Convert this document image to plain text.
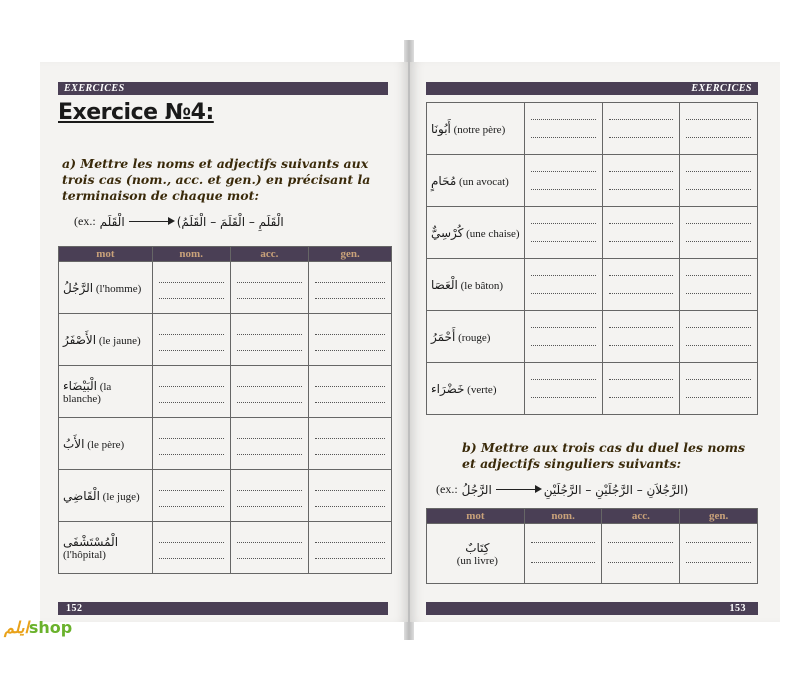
EXERCICES
Exercice №4:
a) Mettre les noms et adjectifs suivants aux trois cas (nom., acc. et gen.) en précisant la terminaison de chaque mot:
(ex.: الْقَلَم	(الْقَلَمِ – الْقَلَمَ – الْقَلَمُ
mot	nom.	acc.	gen.
الرَّجُلُ (l'homme)	

الأَصْفَرُ (le jaune)	

الْبَيْضَاء (la blanche)	

الأَبُ (le père)	

الْقَاضِي (le juge)	

الْمُسْتَشْفَى
(l'hôpital)	

152
EXERCICES
أَبُونَا (notre père)	

مُحَامٍ (un avocat)	

كُرْسِيٌّ (une chaise)	

الْعَصَا (le bâton)	

أَحْمَرُ (rouge)	

خَضْرَاء (verte)	

b) Mettre aux trois cas du duel les noms et adjectifs singuliers suivants:
(ex.: الرَّجُلُ	الرَّجُلاَنِ – الرَّجُلَيْنِ – الرَّجُلَيْنِ)
mot	nom.	acc.	gen.
كِتَابٌ
(un livre)	

153
ایلمshop
